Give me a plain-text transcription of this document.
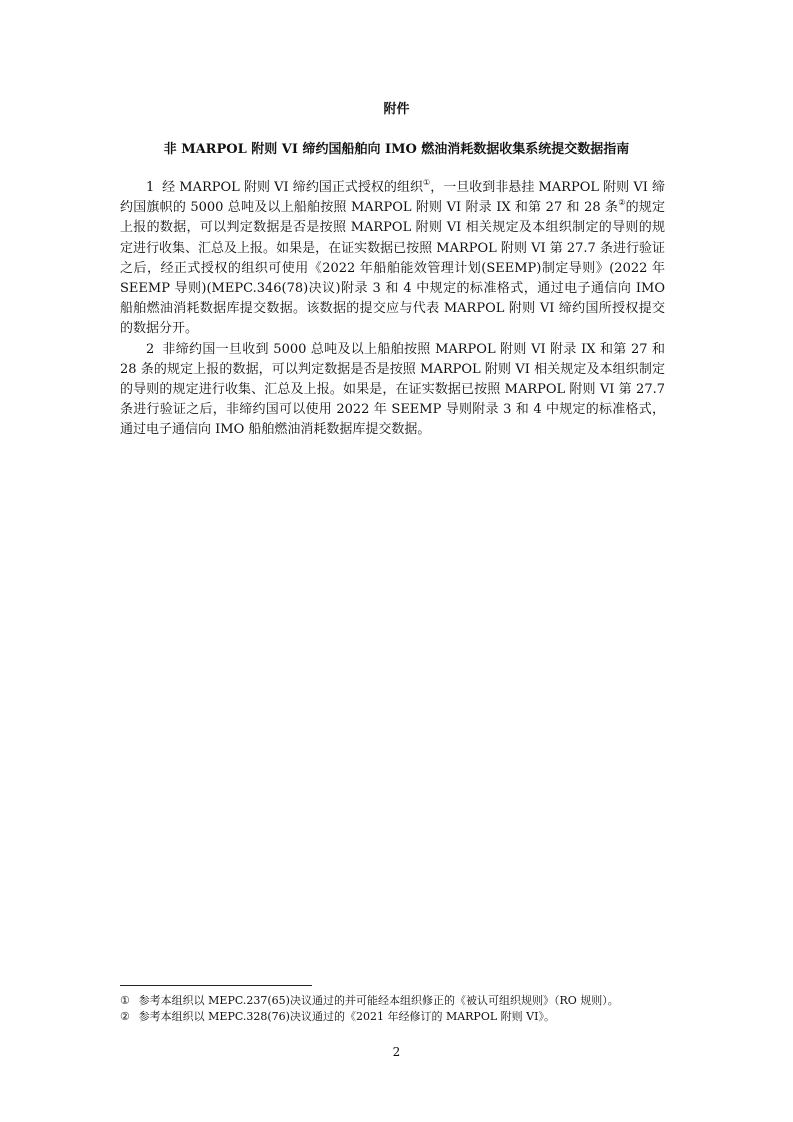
附件
非 MARPOL 附则 VI 缔约国船舶向 IMO 燃油消耗数据收集系统提交数据指南

1 经 MARPOL 附则 VI 缔约国正式授权的组织①，一旦收到非悬挂 MARPOL 附则 VI 缔约国旗帜的 5000 总吨及以上船舶按照 MARPOL 附则 VI 附录 IX 和第 27 和 28 条②的规定上报的数据，可以判定数据是否是按照 MARPOL 附则 VI 相关规定及本组织制定的导则的规定进行收集、汇总及上报。如果是，在证实数据已按照 MARPOL 附则 VI 第 27.7 条进行验证之后，经正式授权的组织可使用《2022 年船舶能效管理计划(SEEMP)制定导则》(2022 年 SEEMP 导则)(MEPC.346(78)决议)附录 3 和 4 中规定的标准格式，通过电子通信向 IMO 船舶燃油消耗数据库提交数据。该数据的提交应与代表 MARPOL 附则 VI 缔约国所授权提交的数据分开。

2 非缔约国一旦收到 5000 总吨及以上船舶按照 MARPOL 附则 VI 附录 IX 和第 27 和 28 条的规定上报的数据，可以判定数据是否是按照 MARPOL 附则 VI 相关规定及本组织制定的导则的规定进行收集、汇总及上报。如果是，在证实数据已按照 MARPOL 附则 VI 第 27.7 条进行验证之后，非缔约国可以使用 2022 年 SEEMP 导则附录 3 和 4 中规定的标准格式，通过电子通信向 IMO 船舶燃油消耗数据库提交数据。

① 参考本组织以 MEPC.237(65)决议通过的并可能经本组织修正的《被认可组织规则》（RO 规则）。
② 参考本组织以 MEPC.328(76)决议通过的《2021 年经修订的 MARPOL 附则 VI》。
2
